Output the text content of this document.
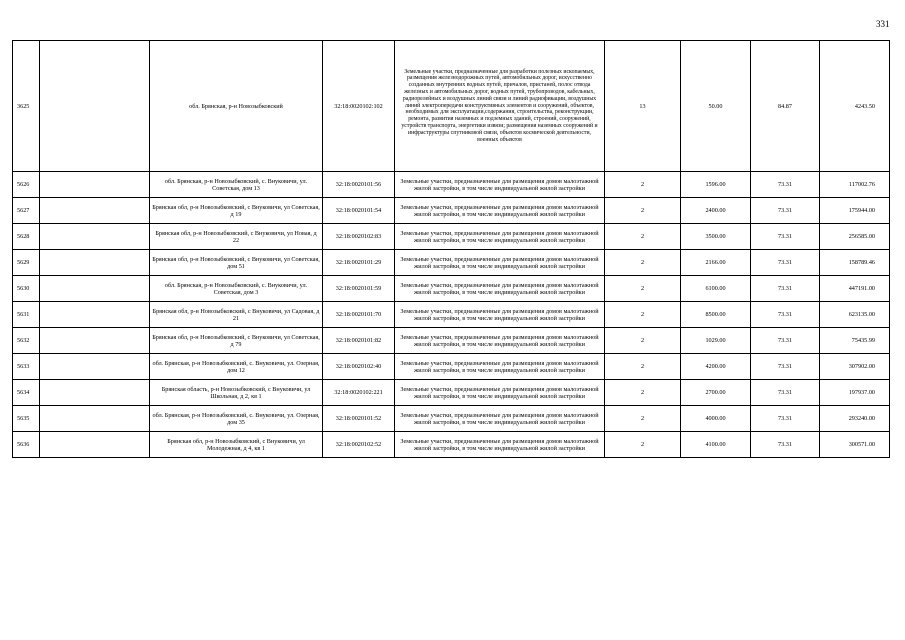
331
3625		обл. Брянская, р-н Новозыбковский	32:18:0020102:102	Земельные участки, предназначенные для разработки полезных ископаемых, размещения железнодорожных путей, автомобильных дорог, искусственно созданных внутренних водных путей, причалов, пристаней, полос отвода железных и автомобильных дорог, водных путей, трубопроводов, кабельных, радиорелейных и воздушных линий связи и линий радиофикации, воздушных линий электропередачи конструктивных элементов и сооружений, объектов, необходимых для эксплуатации,содержания, строительства, реконструкции, ремонта, развития наземных и подземных зданий, строений, сооружений, устройств транспорта, энергетики извязи; размещения наземных сооружений и инфраструктуры спутниковой связи, объектов космической деятельности, военных объектов	13	50.00	84.87	4243.50
5626		обл. Брянская, р-н Новозыбковский, с. Внуковичи, ул. Советская, дом 13	32:18:0020101:56	Земельные участки, предназначенные для размещения домов малоэтажной жилой застройки, в том числе индивидуальной жилой застройки	2	1596.00	73.31	117002.76
5627		Брянская обл, р-н Новозыбковский, с Внуковичи, ул Советская, д 19	32:18:0020101:54	Земельные участки, предназначенные для размещения домов малоэтажной жилой застройки, в том числе индивидуальной жилой застройки	2	2400.00	73.31	175944.00
5628		Брянская обл, р-н Новозыбковский, с Внуковичи, ул Новая, д 22	32:18:0020102:83	Земельные участки, предназначенные для размещения домов малоэтажной жилой застройки, в том числе индивидуальной жилой застройки	2	3500.00	73.31	256585.00
5629		Брянская обл, р-н Новозыбковский, с Внуковичи, ул Советская, дом 51	32:18:0020101:29	Земельные участки, предназначенные для размещения домов малоэтажной жилой застройки, в том числе индивидуальной жилой застройки	2	2166.00	73.31	158789.46
5630		обл. Брянская, р-н Новозыбковский, с. Внуковичи, ул. Советская, дом 3	32:18:0020101:59	Земельные участки, предназначенные для размещения домов малоэтажной жилой застройки, в том числе индивидуальной жилой застройки	2	6100.00	73.31	447191.00
5631		Брянская обл, р-н Новозыбковский, с Внуковичи, ул Садовая, д 21	32:18:0020101:70	Земельные участки, предназначенные для размещения домов малоэтажной жилой застройки, в том числе индивидуальной жилой застройки	2	8500.00	73.31	623135.00
5632		Брянская обл, р-н Новозыбковский, с Внуковичи, ул Советская, д 79	32:18:0020101:82	Земельные участки, предназначенные для размещения домов малоэтажной жилой застройки, в том числе индивидуальной жилой застройки	2	1029.00	73.31	75435.99
5633		обл. Брянская, р-н Новозыбковский, с. Внуковичи, ул. Озерная, дом 12	32:18:0020102:40	Земельные участки, предназначенные для размещения домов малоэтажной жилой застройки, в том числе индивидуальной жилой застройки	2	4200.00	73.31	307902.00
5634		Брянская область, р-н Новозыбковский, с Внуковичи, ул Школьная, д 2, кв 1	32:18:0020102:221	Земельные участки, предназначенные для размещения домов малоэтажной жилой застройки, в том числе индивидуальной жилой застройки	2	2700.00	73.31	197937.00
5635		обл. Брянская, р-н Новозыбковский, с. Внуковичи, ул. Озерная, дом 35	32:18:0020101:52	Земельные участки, предназначенные для размещения домов малоэтажной жилой застройки, в том числе индивидуальной жилой застройки	2	4000.00	73.31	293240.00
5636		Брянская обл, р-н Новозыбковский, с Внуковичи, ул Молодежная, д 4, кв 1	32:18:0020102:52	Земельные участки, предназначенные для размещения домов малоэтажной жилой застройки, в том числе индивидуальной жилой застройки	2	4100.00	73.31	300571.00
